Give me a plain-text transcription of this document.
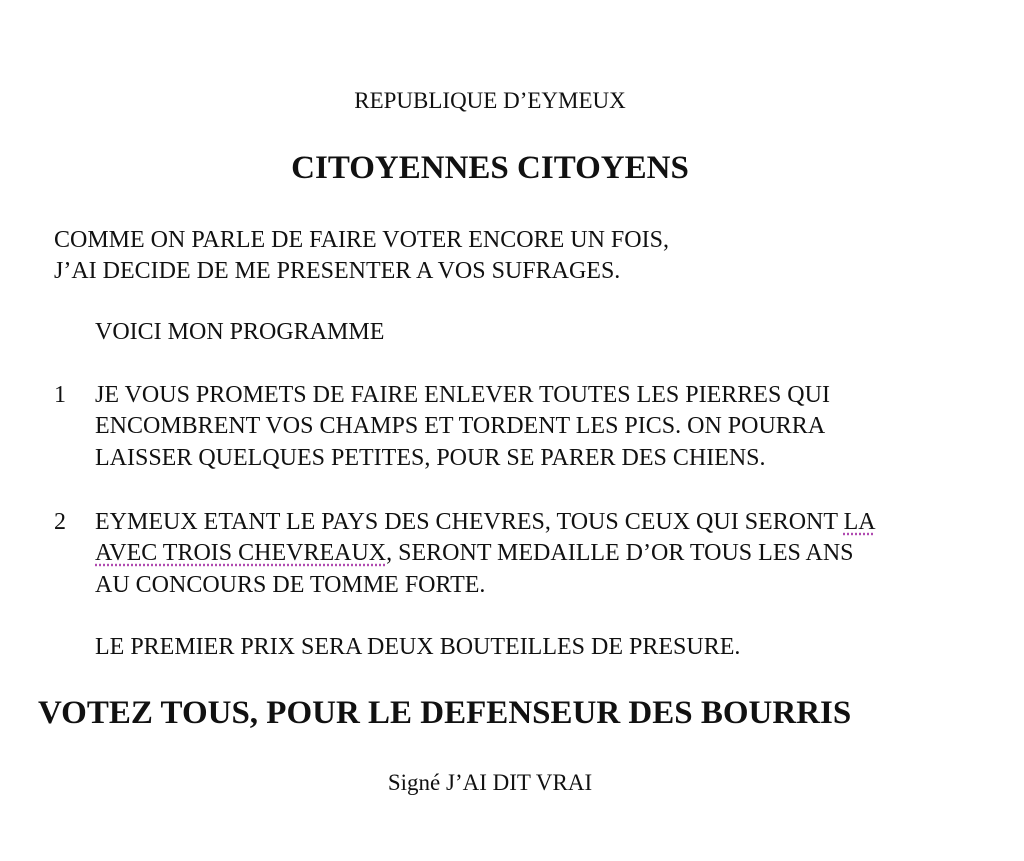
REPUBLIQUE D’EYMEUX
CITOYENNES CITOYENS
COMME ON PARLE DE FAIRE VOTER ENCORE UN FOIS,
J’AI DECIDE DE ME PRESENTER A VOS SUFRAGES.
VOICI MON PROGRAMME
1 JE VOUS PROMETS DE FAIRE ENLEVER TOUTES LES PIERRES QUI
ENCOMBRENT VOS CHAMPS ET TORDENT LES PICS. ON POURRA
LAISSER QUELQUES PETITES, POUR SE PARER DES CHIENS.
2 EYMEUX ETANT LE PAYS DES CHEVRES, TOUS CEUX QUI SERONT LA
AVEC TROIS CHEVREAUX, SERONT MEDAILLE D’OR TOUS LES ANS
AU CONCOURS DE TOMME FORTE.
LE PREMIER PRIX SERA DEUX BOUTEILLES DE PRESURE.
VOTEZ TOUS, POUR LE DEFENSEUR DES BOURRIS
Signé J’AI DIT VRAI
